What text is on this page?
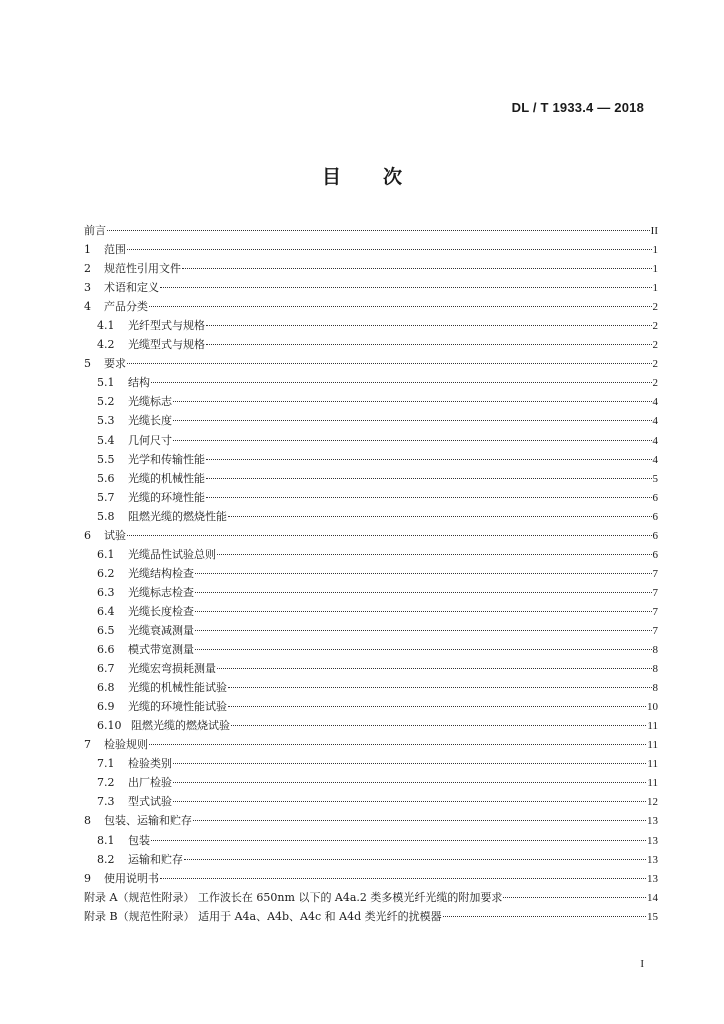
DL / T 1933.4 — 2018
目 次
前言	II
1	范围	1
2	规范性引用文件	1
3	术语和定义	1
4	产品分类	2
4.1	光纤型式与规格	2
4.2	光缆型式与规格	2
5	要求	2
5.1	结构	2
5.2	光缆标志	4
5.3	光缆长度	4
5.4	几何尺寸	4
5.5	光学和传输性能	4
5.6	光缆的机械性能	5
5.7	光缆的环境性能	6
5.8	阻燃光缆的燃烧性能	6
6	试验	6
6.1	光缆品性试验总则	6
6.2	光缆结构检查	7
6.3	光缆标志检查	7
6.4	光缆长度检查	7
6.5	光缆衰减测量	7
6.6	模式带宽测量	8
6.7	光缆宏弯损耗测量	8
6.8	光缆的机械性能试验	8
6.9	光缆的环境性能试验	10
6.10 阻燃光缆的燃烧试验	11
7	检验规则	11
7.1	检验类别	11
7.2	出厂检验	11
7.3	型式试验	12
8	包装、运输和贮存	13
8.1	包装	13
8.2	运输和贮存	13
9	使用说明书	13
附录 A（规范性附录） 工作波长在 650nm 以下的 A4a.2 类多模光纤光缆的附加要求	14
附录 B（规范性附录） 适用于 A4a、A4b、A4c 和 A4d 类光纤的扰模器	15
I
